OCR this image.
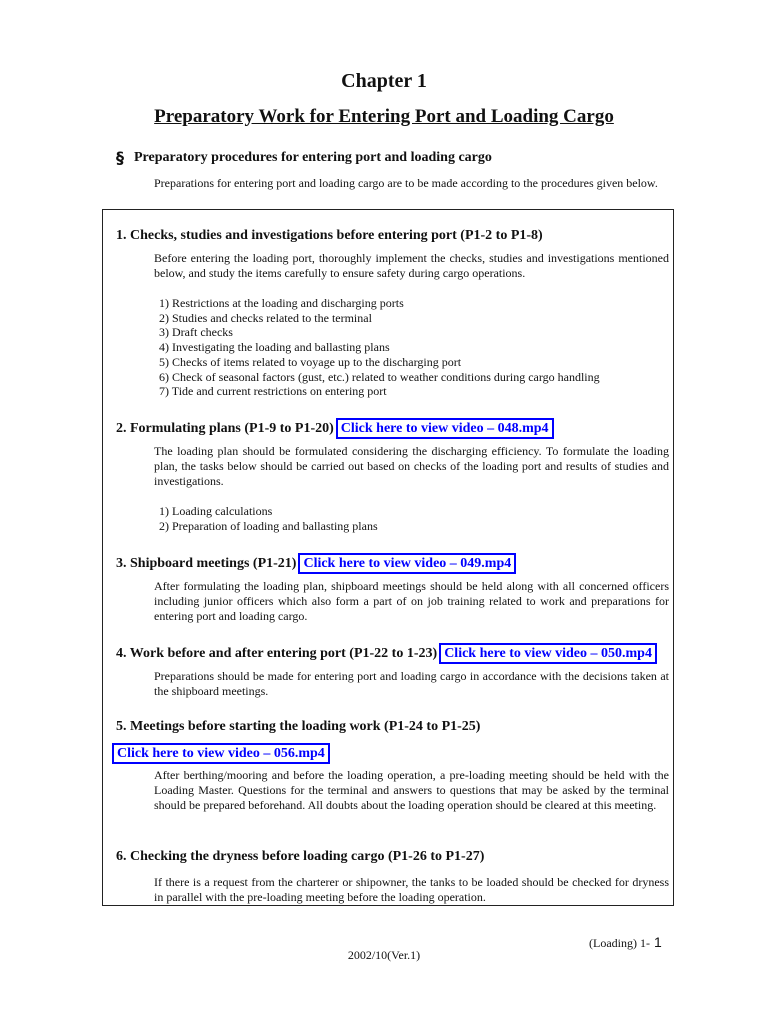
Chapter 1
Preparatory Work for Entering Port and Loading Cargo
§ Preparatory procedures for entering port and loading cargo
Preparations for entering port and loading cargo are to be made according to the procedures given below.
1. Checks, studies and investigations before entering port (P1-2 to P1-8)
Before entering the loading port, thoroughly implement the checks, studies and investigations mentioned below, and study the items carefully to ensure safety during cargo operations.
1) Restrictions at the loading and discharging ports
2) Studies and checks related to the terminal
3) Draft checks
4) Investigating the loading and ballasting plans
5) Checks of items related to voyage up to the discharging port
6) Check of seasonal factors (gust, etc.) related to weather conditions during cargo handling
7) Tide and current restrictions on entering port
2. Formulating plans (P1-9 to P1-20) Click here to view video – 048.mp4
The loading plan should be formulated considering the discharging efficiency. To formulate the loading plan, the tasks below should be carried out based on checks of the loading port and results of studies and investigations.
1) Loading calculations
2) Preparation of loading and ballasting plans
3. Shipboard meetings (P1-21) Click here to view video – 049.mp4
After formulating the loading plan, shipboard meetings should be held along with all concerned officers including junior officers which also form a part of on job training related to work and preparations for entering port and loading cargo.
4. Work before and after entering port (P1-22 to 1-23) Click here to view video – 050.mp4
Preparations should be made for entering port and loading cargo in accordance with the decisions taken at the shipboard meetings.
5. Meetings before starting the loading work (P1-24 to P1-25)
Click here to view video – 056.mp4
After berthing/mooring and before the loading operation, a pre-loading meeting should be held with the Loading Master. Questions for the terminal and answers to questions that may be asked by the terminal should be prepared beforehand. All doubts about the loading operation should be cleared at this meeting.
6. Checking the dryness before loading cargo (P1-26 to P1-27)
If there is a request from the charterer or shipowner, the tanks to be loaded should be checked for dryness in parallel with the pre-loading meeting before the loading operation.
(Loading) 1- 1
2002/10(Ver.1)
